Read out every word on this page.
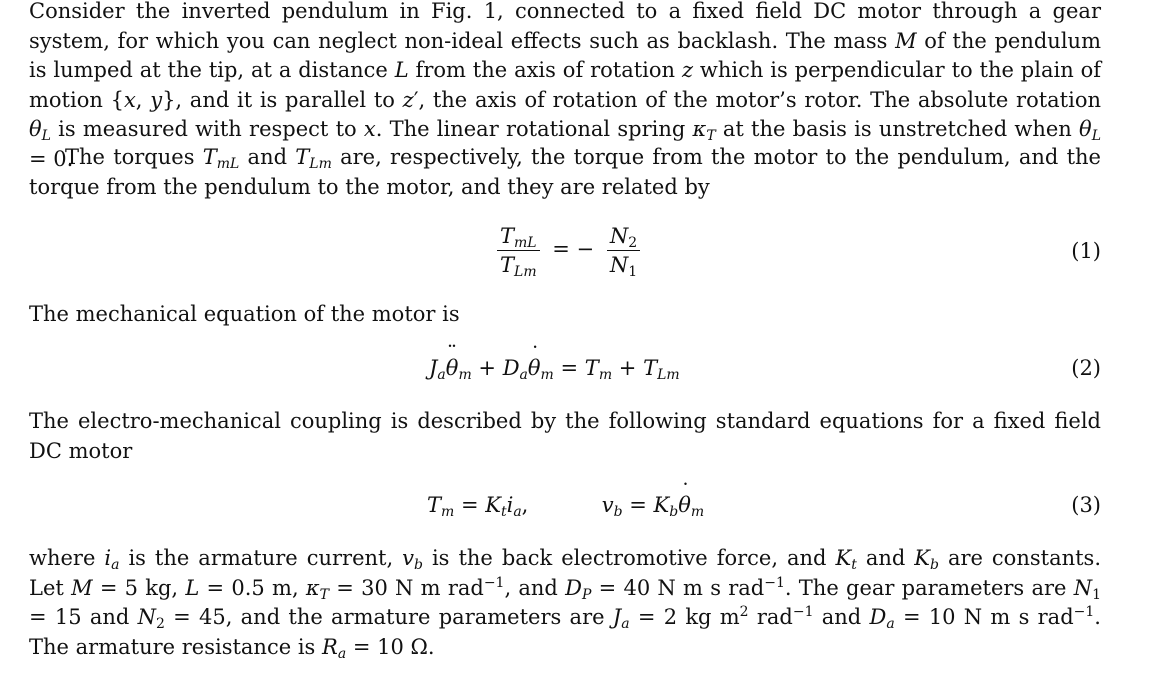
Consider the inverted pendulum in Fig. 1, connected to a fixed field DC motor through a gear system, for which you can neglect non-ideal effects such as backlash. The mass M of the pendulum is lumped at the tip, at a distance L from the axis of rotation z which is perpendicular to the plain of motion {x, y}, and it is parallel to z′, the axis of rotation of the motor’s rotor. The absolute rotation $\theta_L$ is measured with respect to x. The linear rotational spring $\kappa_T$ at the basis is unstretched when $\theta_L = 0$.

The torques $T_{mL}$ and $T_{Lm}$ are, respectively, the torque from the motor to the pendulum, and the torque from the pendulum to the motor, and they are related by

$\frac{T_{mL}}{T_{Lm}}$ = − $\frac{N_2}{N_1}$	(1)

The mechanical equation of the motor is

$J_a\theta$ $¨_m + D_a\theta$ $˙_m = T_m + T_{Lm}$	(2)

The electro-mechanical coupling is described by the following standard equations for a fixed field DC motor

$T_m = K_ti_a$,	$v_b = K_b\theta$ $˙_m$	(3)

where $i_a$ is the armature current, $v_b$ is the back electromotive force, and $K_t$ and $K_b$ are constants. Let M = 5 kg, L = 0.5 m, $\kappa_T = 30$ N m rad$^{-1}$, and $D_P = 40$ N m s rad$^{-1}$. The gear parameters are $N_1 = 15$ and $N_2 = 45$, and the armature parameters are $J_a = 2$ kg $m^2$ rad$^{-1}$ and $D_a = 10$ N m s rad$^{-1}$. The armature resistance is $R_a = 10$ Ω.
